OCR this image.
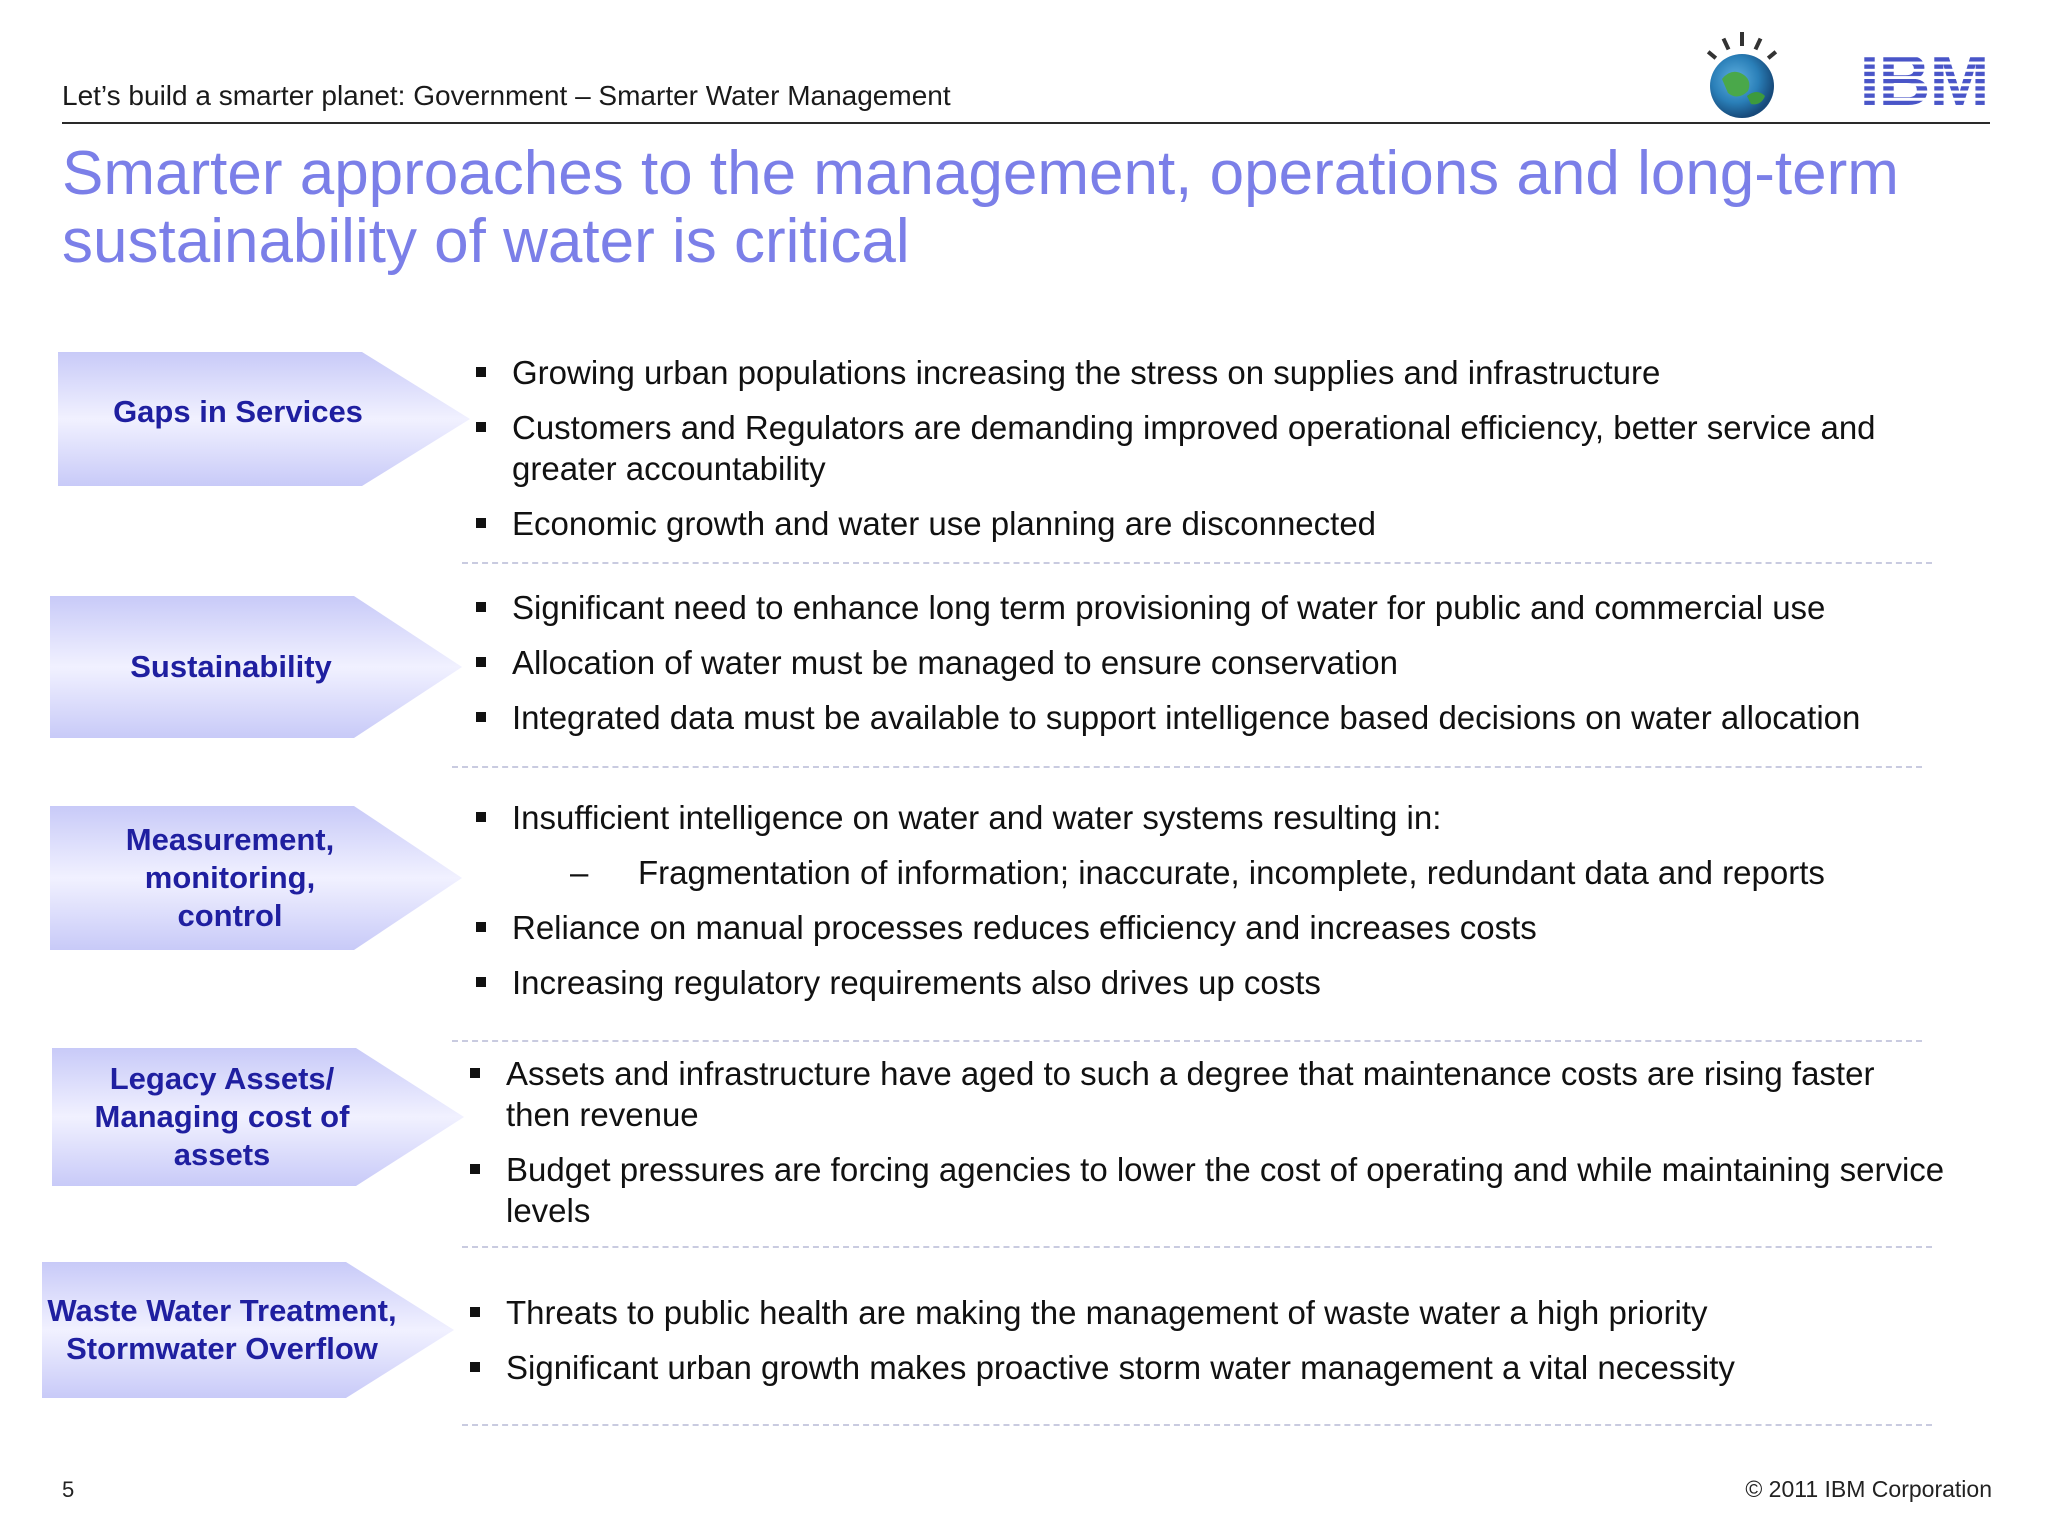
Let’s build a smarter planet: Government – Smarter Water Management
Smarter approaches to the management, operations and long-term sustainability of water is critical
Gaps in Services
Growing urban populations increasing the stress on supplies and infrastructure
Customers and Regulators are demanding improved operational efficiency, better service and greater accountability
Economic growth and water use planning are disconnected
Sustainability
Significant need to enhance long term provisioning of water for public and commercial use
Allocation of water must be managed to ensure conservation
Integrated data must be available to support intelligence based decisions on water allocation
Measurement, monitoring, control
Insufficient intelligence on water and water systems resulting in:
– Fragmentation of information; inaccurate, incomplete, redundant data and reports
Reliance on manual processes reduces efficiency and increases costs
Increasing regulatory requirements also drives up costs
Legacy Assets/ Managing cost of assets
Assets and infrastructure have aged to such a degree that maintenance costs are rising faster then revenue
Budget pressures are forcing agencies to lower the cost of operating and while maintaining service levels
Waste Water Treatment, Stormwater Overflow
Threats to public health are making the management of waste water a high priority
Significant urban growth makes proactive storm water management a vital necessity
5	© 2011 IBM Corporation
